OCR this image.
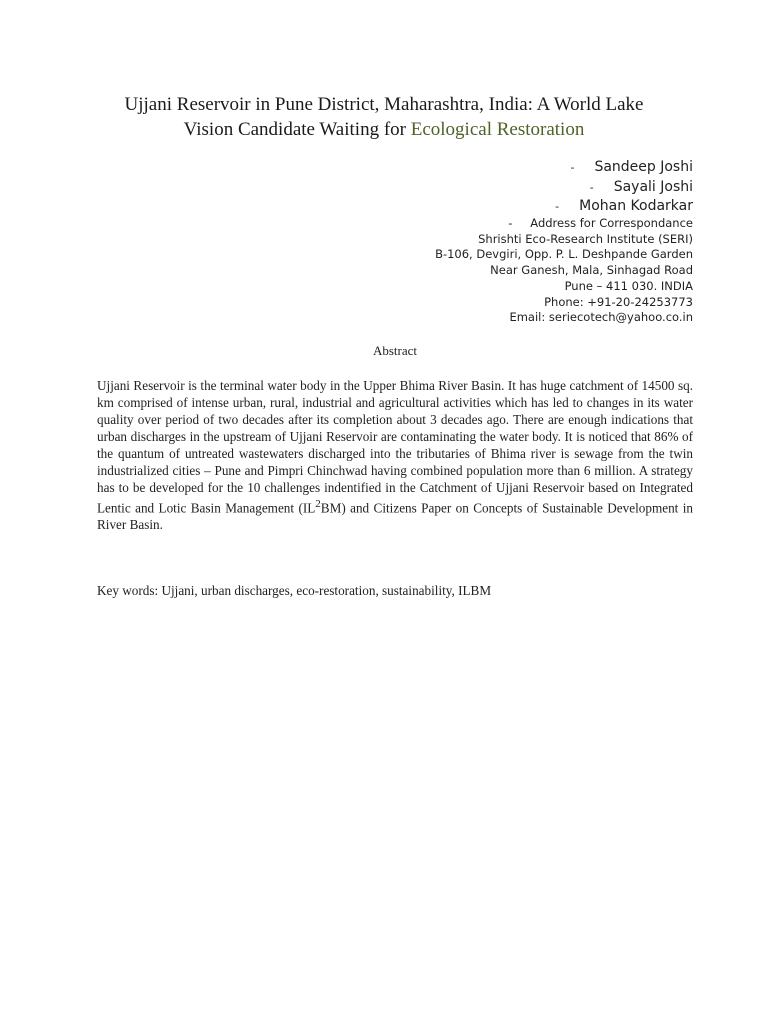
Ujjani Reservoir in Pune District, Maharashtra, India: A World Lake
Vision Candidate Waiting for Ecological Restoration
- Sandeep Joshi
- Sayali Joshi
- Mohan Kodarkar
- Address for Correspondance
Shrishti Eco-Research Institute (SERI)
B-106, Devgiri, Opp. P. L. Deshpande Garden
Near Ganesh, Mala, Sinhagad Road
Pune – 411 030. INDIA
Phone: +91-20-24253773
Email: seriecotech@yahoo.co.in
Abstract
Ujjani Reservoir is the terminal water body in the Upper Bhima River Basin. It has huge catchment of 14500 sq. km comprised of intense urban, rural, industrial and agricultural activities which has led to changes in its water quality over period of two decades after its completion about 3 decades ago. There are enough indications that urban discharges in the upstream of Ujjani Reservoir are contaminating the water body. It is noticed that 86% of the quantum of untreated wastewaters discharged into the tributaries of Bhima river is sewage from the twin industrialized cities – Pune and Pimpri Chinchwad having combined population more than 6 million. A strategy has to be developed for the 10 challenges indentified in the Catchment of Ujjani Reservoir based on Integrated Lentic and Lotic Basin Management $(IL^2BM)$ and Citizens Paper on Concepts of Sustainable Development in River Basin.
Key words: Ujjani, urban discharges, eco-restoration, sustainability, ILBM
